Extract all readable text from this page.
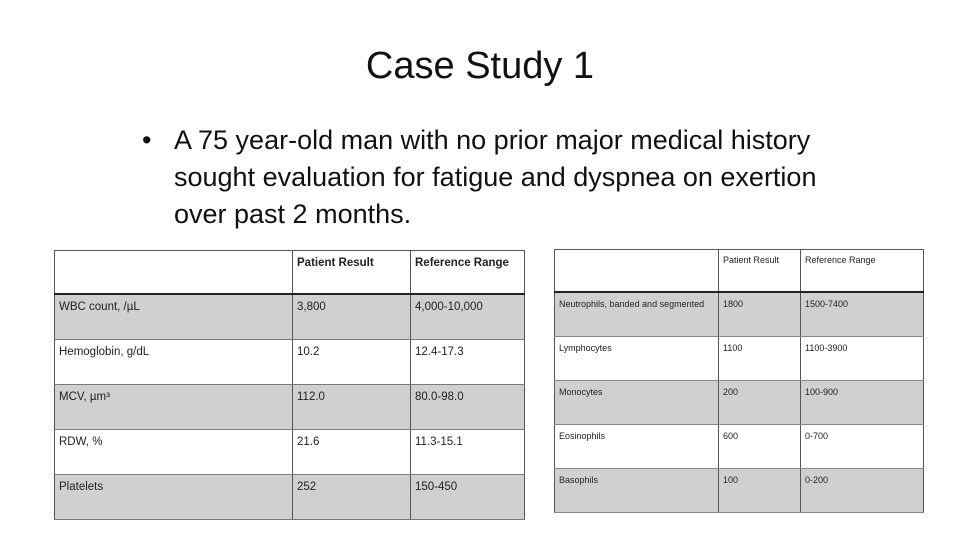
Case Study 1
• A 75 year-old man with no prior major medical history sought evaluation for fatigue and dyspnea on exertion over past 2 months.
	Patient Result	Reference Range
WBC count, /µL	3,800	4,000-10,000
Hemoglobin, g/dL	10.2	12.4-17.3
MCV, µm³	112.0	80.0-98.0
RDW, %	21.6	11.3-15.1
Platelets	252	150-450
	Patient Result	Reference Range
Neutrophils, banded and segmented	1800	1500-7400
Lymphocytes	1100	1100-3900
Monocytes	200	100-900
Eosinophils	600	0-700
Basophils	100	0-200
